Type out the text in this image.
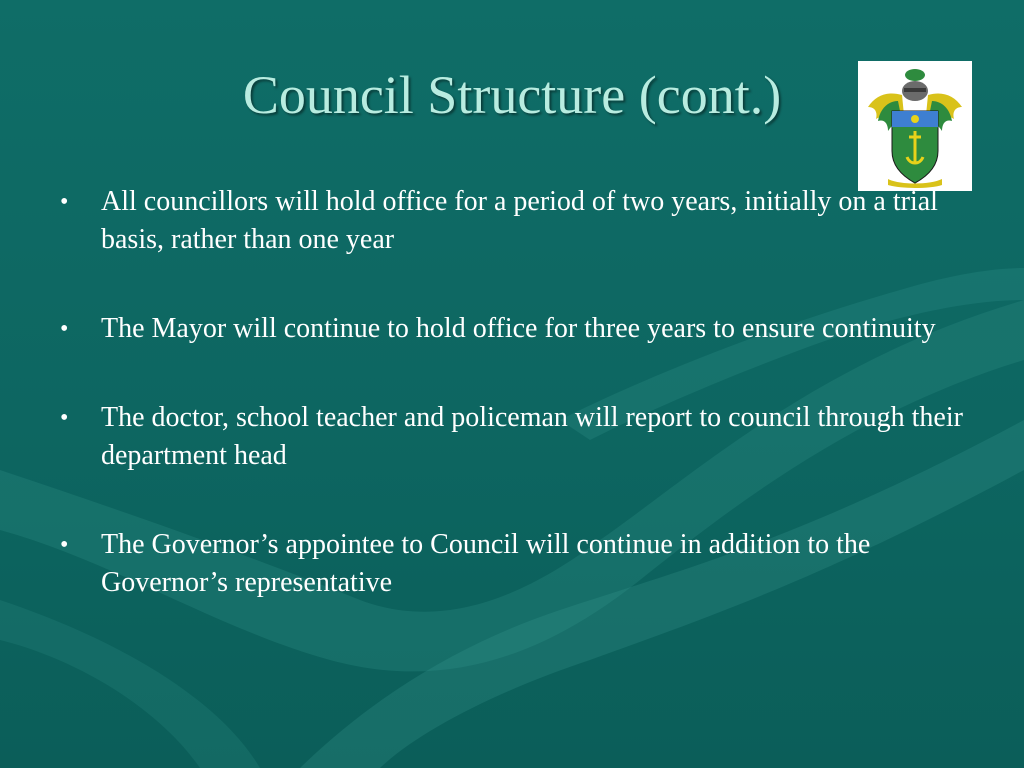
Council Structure (cont.)
• All councillors will hold office for a period of two years, initially on a trial basis, rather than one year
• The Mayor will continue to hold office for three years to ensure continuity
• The doctor, school teacher and policeman will report to council through their department head
• The Governor’s appointee to Council will continue in addition to the Governor’s representative
